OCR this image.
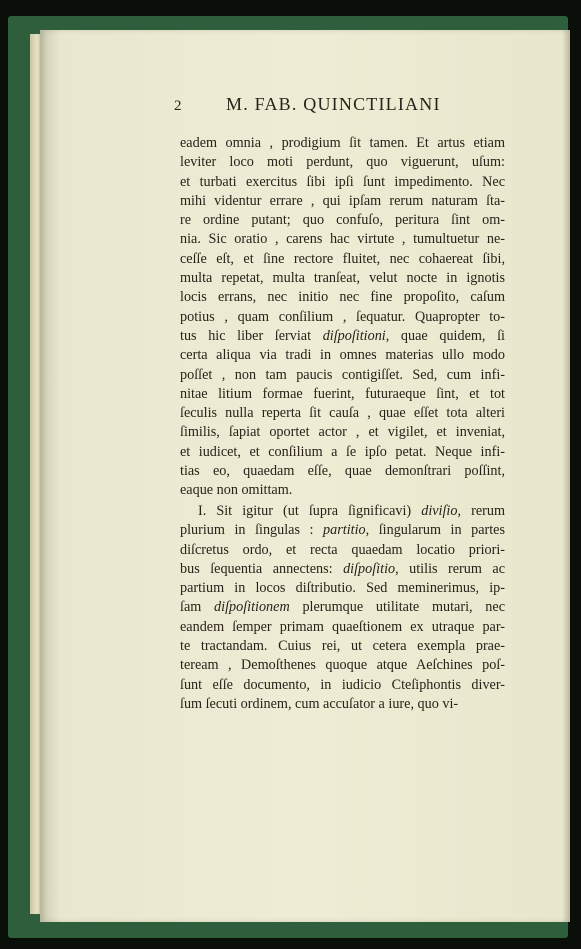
2 M. FAB. QUINCTILIANI
eadem omnia , prodigium ſit tamen. Et artus etiam
leviter loco moti perdunt, quo viguerunt, uſum:
et turbati exercitus ſibi ipſi ſunt impedimento. Nec
mihi videntur errare , qui ipſam rerum naturam ſta-
re ordine putant; quo confuſo, peritura ſint om-
nia. Sic oratio , carens hac virtute , tumultuetur ne-
ceſſe eſt, et ſine rectore fluitet, nec cohaereat ſibi,
multa repetat, multa tranſeat, velut nocte in ignotis
locis errans, nec initio nec fine propoſito, caſum
potius , quam conſilium , ſequatur. Quapropter to-
tus hic liber ſerviat diſpoſitioni, quae quidem, ſi
certa aliqua via tradi in omnes materias ullo modo
poſſet , non tam paucis contigiſſet. Sed, cum infi-
nitae litium formae fuerint, futuraeque ſint, et tot
ſeculis nulla reperta ſit cauſa , quae eſſet tota alteri
ſimilis, ſapiat oportet actor , et vigilet, et inveniat,
et iudicet, et conſilium a ſe ipſo petat. Neque infi-
tias eo, quaedam eſſe, quae demonſtrari poſſint,
eaque non omittam.
I. Sit igitur (ut ſupra ſignificavi) diviſio, rerum
plurium in ſingulas : partitio, ſingularum in partes
diſcretus ordo, et recta quaedam locatio priori-
bus ſequentia annectens: diſpoſitio, utilis rerum ac
partium in locos diſtributio. Sed meminerimus, ip-
ſam diſpoſitionem plerumque utilitate mutari, nec
eandem ſemper primam quaeſtionem ex utraque par-
te tractandam. Cuius rei, ut cetera exempla prae-
teream , Demoſthenes quoque atque Aeſchines poſ-
ſunt eſſe documento, in iudicio Cteſiphontis diver-
ſum ſecuti ordinem, cum accuſator a iure, quo vi-
